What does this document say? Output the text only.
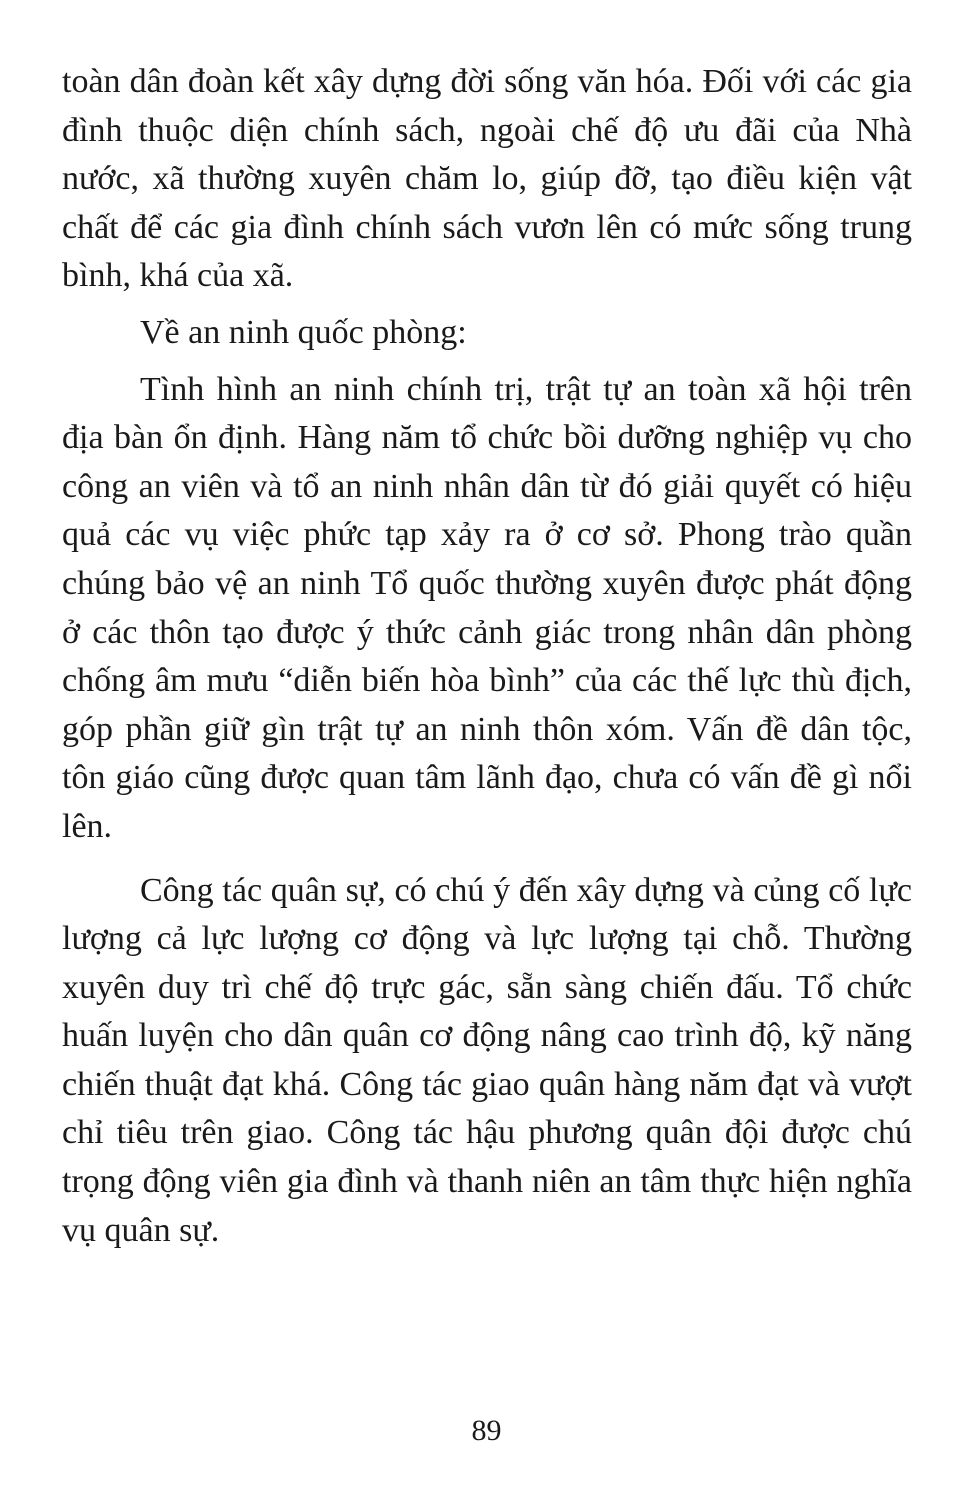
toàn dân đoàn kết xây dựng đời sống văn hóa. Đối với các gia đình thuộc diện chính sách, ngoài chế độ ưu đãi của Nhà nước, xã thường xuyên chăm lo, giúp đỡ, tạo điều kiện vật chất để các gia đình chính sách vươn lên có mức sống trung bình, khá của xã.

Về an ninh quốc phòng:

Tình hình an ninh chính trị, trật tự an toàn xã hội trên địa bàn ổn định. Hàng năm tổ chức bồi dưỡng nghiệp vụ cho công an viên và tổ an ninh nhân dân từ đó giải quyết có hiệu quả các vụ việc phức tạp xảy ra ở cơ sở. Phong trào quần chúng bảo vệ an ninh Tổ quốc thường xuyên được phát động ở các thôn tạo được ý thức cảnh giác trong nhân dân phòng chống âm mưu “diễn biến hòa bình” của các thế lực thù địch, góp phần giữ gìn trật tự an ninh thôn xóm. Vấn đề dân tộc, tôn giáo cũng được quan tâm lãnh đạo, chưa có vấn đề gì nổi lên.

Công tác quân sự, có chú ý đến xây dựng và củng cố lực lượng cả lực lượng cơ động và lực lượng tại chỗ. Thường xuyên duy trì chế độ trực gác, sẵn sàng chiến đấu. Tổ chức huấn luyện cho dân quân cơ động nâng cao trình độ, kỹ năng chiến thuật đạt khá. Công tác giao quân hàng năm đạt và vượt chỉ tiêu trên giao. Công tác hậu phương quân đội được chú trọng động viên gia đình và thanh niên an tâm thực hiện nghĩa vụ quân sự.

89
